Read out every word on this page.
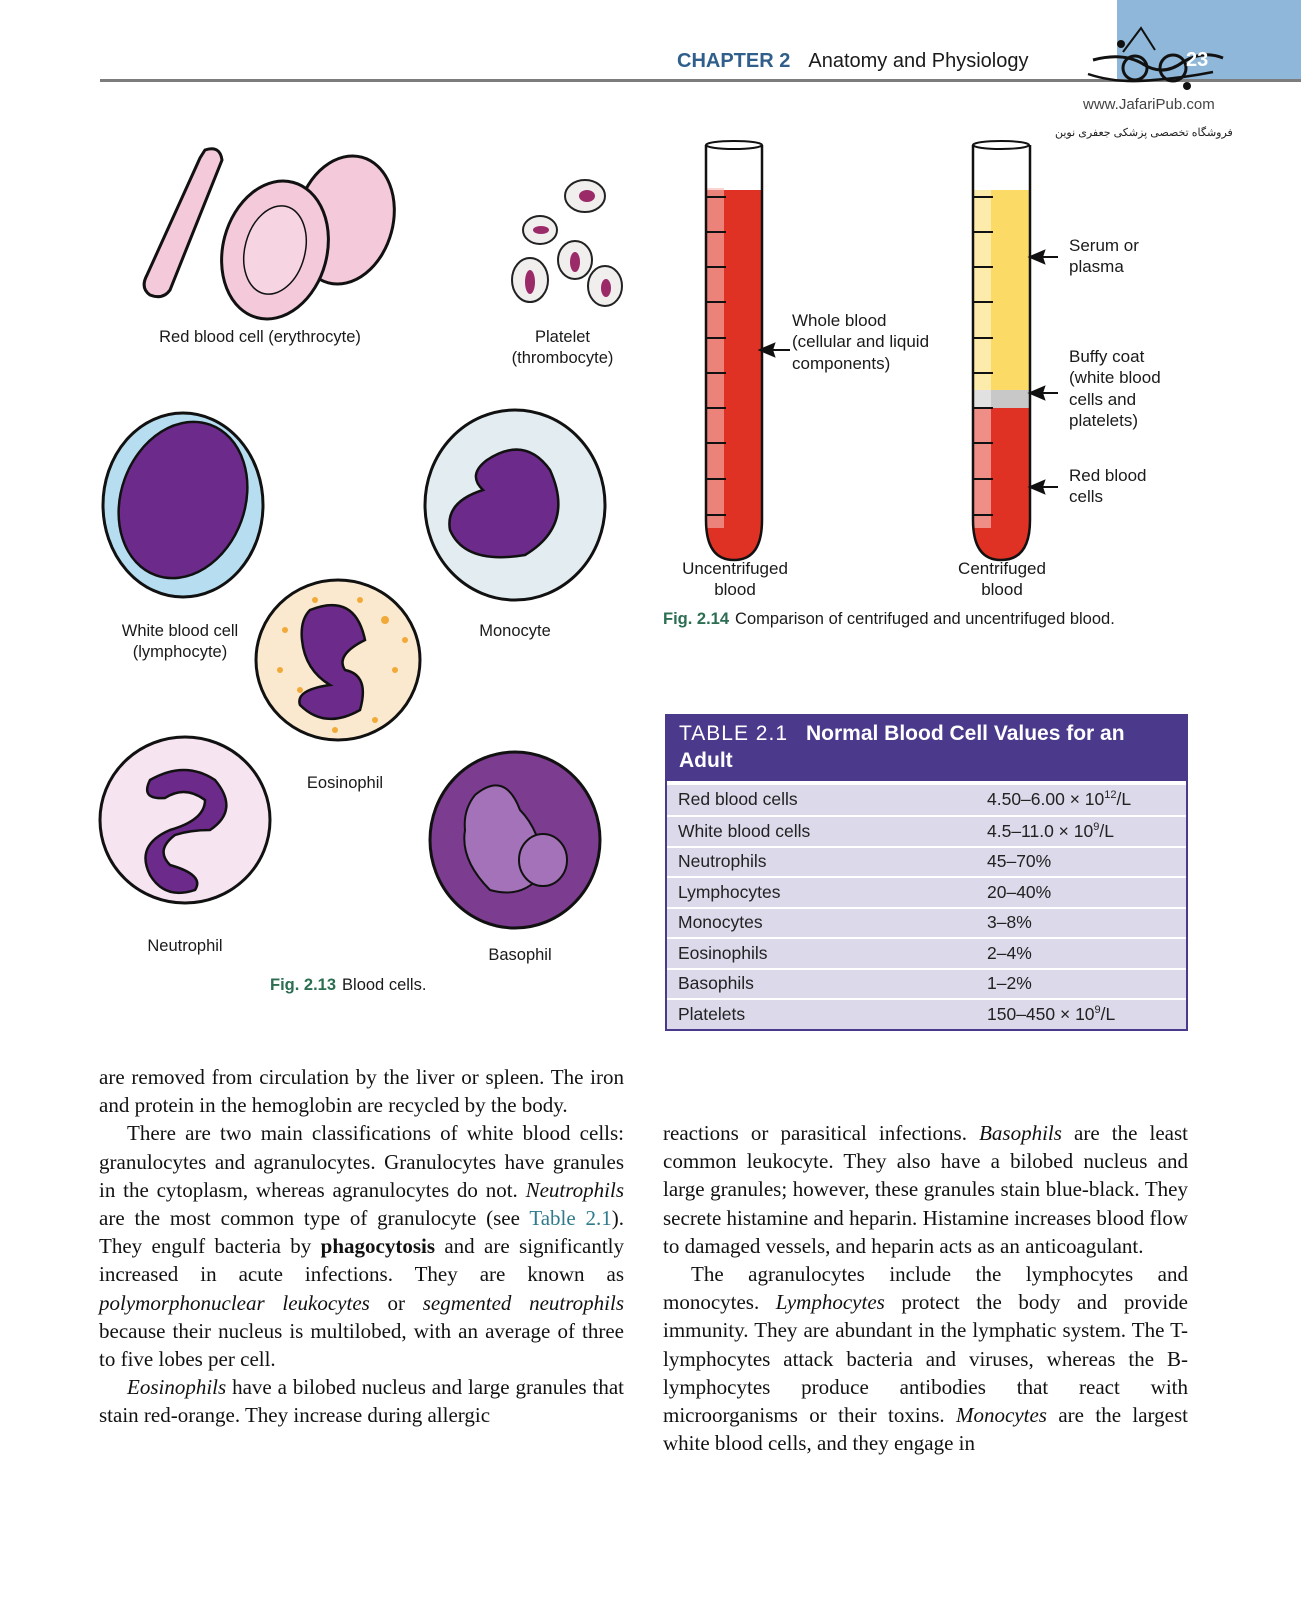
CHAPTER 2 Anatomy and Physiology	23
www.JafariPub.com
فروشگاه تخصصی پزشکی جعفری نوین
Red blood cell (erythrocyte)	Platelet
(thrombocyte)
White blood cell
(lymphocyte)
Monocyte
Eosinophil
Neutrophil	Basophil
Fig. 2.13 Blood cells.
Whole blood
(cellular and liquid
components)
Serum or
plasma
Buffy coat
(white blood
cells and
platelets)
Red blood
cells
Uncentrifuged
blood
Centrifuged
blood
Fig. 2.14 Comparison of centrifuged and uncentrifuged blood.
TABLE 2.1 Normal Blood Cell Values for an Adult
Red blood cells	$4.50-6.00 \times 10^{12}/L$
White blood cells	$4.5-11.0 \times 10^9/L$
Neutrophils	45–70%
Lymphocytes	20–40%
Monocytes	3–8%
Eosinophils	2–4%
Basophils	1–2%
Platelets	$150-450 \times 10^9/L$

are removed from circulation by the liver or spleen. The iron and protein in the hemoglobin are recycled by the body.

There are two main classifications of white blood cells: granulocytes and agranulocytes. Granulocytes have granules in the cytoplasm, whereas agranulocytes do not. Neutrophils are the most common type of granulocyte (see Table 2.1). They engulf bacteria by phagocytosis and are significantly increased in acute infections. They are known as polymorphonuclear leukocytes or segmented neutrophils because their nucleus is multilobed, with an average of three to five lobes per cell.

Eosinophils have a bilobed nucleus and large granules that stain red-orange. They increase during allergic

reactions or parasitical infections. Basophils are the least common leukocyte. They also have a bilobed nucleus and large granules; however, these granules stain blue-black. They secrete histamine and heparin. Histamine increases blood flow to damaged vessels, and heparin acts as an anticoagulant.

The agranulocytes include the lymphocytes and monocytes. Lymphocytes protect the body and provide immunity. They are abundant in the lymphatic system. The T-lymphocytes attack bacteria and viruses, whereas the B-lymphocytes produce antibodies that react with microorganisms or their toxins. Monocytes are the largest white blood cells, and they engage in
